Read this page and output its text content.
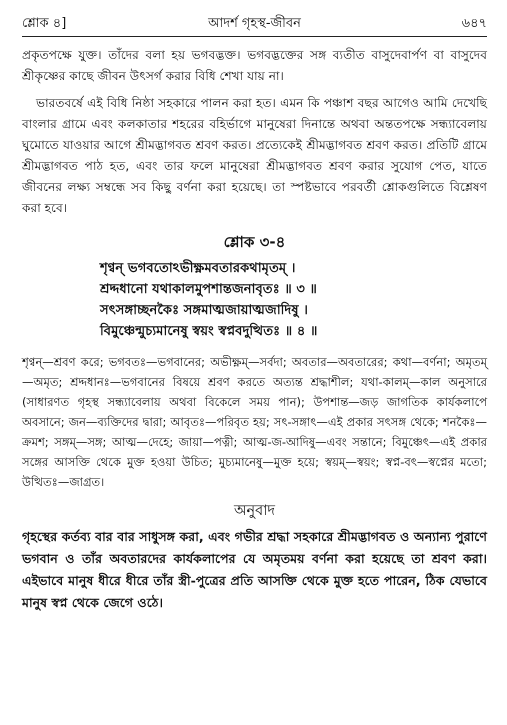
শ্লোক ৪]	আদর্শ গৃহস্থ-জীবন	৬৪৭

প্রকৃতপক্ষে যুক্ত। তাঁদের বলা হয় ভগবদ্ভক্ত। ভগবদ্ভক্তের সঙ্গ ব্যতীত বাসুদেবার্পণ বা বাসুদেব শ্রীকৃষ্ণের কাছে জীবন উৎসর্গ করার বিধি শেখা যায় না।

ভারতবর্ষে এই বিধি নিষ্ঠা সহকারে পালন করা হত। এমন কি পঞ্চাশ বছর আগেও আমি দেখেছি বাংলার গ্রামে এবং কলকাতার শহরের বহির্ভাগে মানুষেরা দিনান্তে অথবা অন্ততপক্ষে সন্ধ্যাবেলায় ঘুমোতে যাওয়ার আগে শ্রীমদ্ভাগবত শ্রবণ করত। প্রত্যেকেই শ্রীমদ্ভাগবত শ্রবণ করত। প্রতিটি গ্রামে শ্রীমদ্ভাগবত পাঠ হত, এবং তার ফলে মানুষেরা শ্রীমদ্ভাগবত শ্রবণ করার সুযোগ পেত, যাতে জীবনের লক্ষ্য সম্বন্ধে সব কিছু বর্ণনা করা হয়েছে। তা স্পষ্টভাবে পরবর্তী শ্লোকগুলিতে বিশ্লেষণ করা হবে।

শ্লোক ৩-৪
শৃণ্বন্ ভগবতোঽভীক্ষ্ণমবতারকথামৃতম্ ।
শ্রদ্দধানো যথাকালমুপশান্তজনাবৃতঃ ॥ ৩ ॥
সৎসঙ্গাচ্ছনকৈঃ সঙ্গমাত্মজায়াত্মজাদিষু ।
বিমুঞ্চেন্মুচ্যমানেষু স্বয়ং স্বপ্নবদুত্থিতঃ ॥ ৪ ॥

শৃণ্বন্—শ্রবণ করে; ভগবতঃ—ভগবানের; অভীক্ষ্ণম্—সর্বদা; অবতার—অবতারের; কথা—বর্ণনা; অমৃতম্—অমৃত; শ্রদ্দধানঃ—ভগবানের বিষয়ে শ্রবণ করতে অত্যন্ত শ্রদ্ধাশীল; যথা-কালম্—কাল অনুসারে (সাধারণত গৃহস্থ সন্ধ্যাবেলায় অথবা বিকেলে সময় পান); উপশান্ত—জড় জাগতিক কার্যকলাপে অবসানে; জন—ব্যক্তিদের দ্বারা; আবৃতঃ—পরিবৃত হয়; সৎ-সঙ্গাৎ—এই প্রকার সৎসঙ্গ থেকে; শনকৈঃ—ক্রমশ; সঙ্গম্—সঙ্গ; আত্ম—দেহে; জায়া—পত্নী; আত্ম-জ-আদিষু—এবং সন্তানে; বিমুঞ্চেৎ—এই প্রকার সঙ্গের আসক্তি থেকে মুক্ত হওয়া উচিত; মুচ্যমানেষু—মুক্ত হয়ে; স্বয়ম্—স্বয়ং; স্বপ্ন-বৎ—স্বপ্নের মতো; উত্থিতঃ—জাগ্রত।

অনুবাদ

গৃহস্থের কর্তব্য বার বার সাধুসঙ্গ করা, এবং গভীর শ্রদ্ধা সহকারে শ্রীমদ্ভাগবত ও অন্যান্য পুরাণে ভগবান ও তাঁর অবতারদের কার্যকলাপের যে অমৃতময় বর্ণনা করা হয়েছে তা শ্রবণ করা। এইভাবে মানুষ ধীরে ধীরে তাঁর স্ত্রী-পুত্রের প্রতি আসক্তি থেকে মুক্ত হতে পারেন, ঠিক যেভাবে মানুষ স্বপ্ন থেকে জেগে ওঠে।
